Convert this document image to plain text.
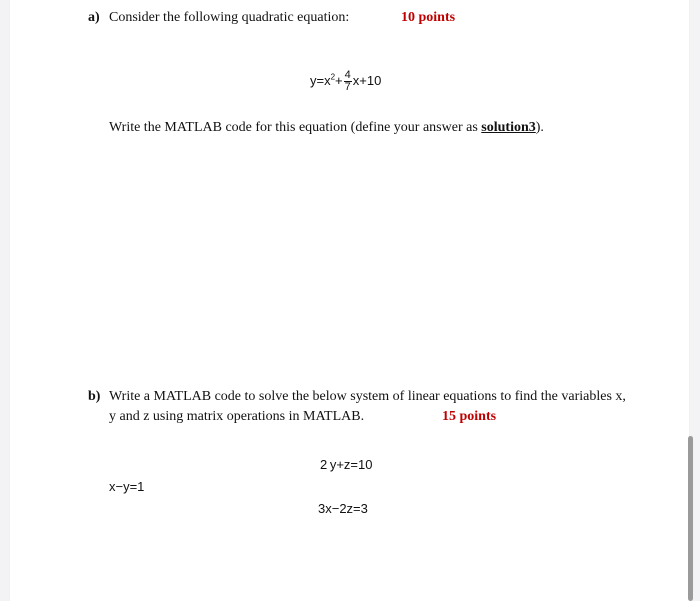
a) Consider the following quadratic equation:	10 points
$y=x^2+ \frac{4}{7} x+10$
Write the MATLAB code for this equation (define your answer as solution3).
b) Write a MATLAB code to solve the below system of linear equations to find the variables x,
y and z using matrix operations in MATLAB.	15 points
2 y+z=10
x−y=1
3x−2z=3
